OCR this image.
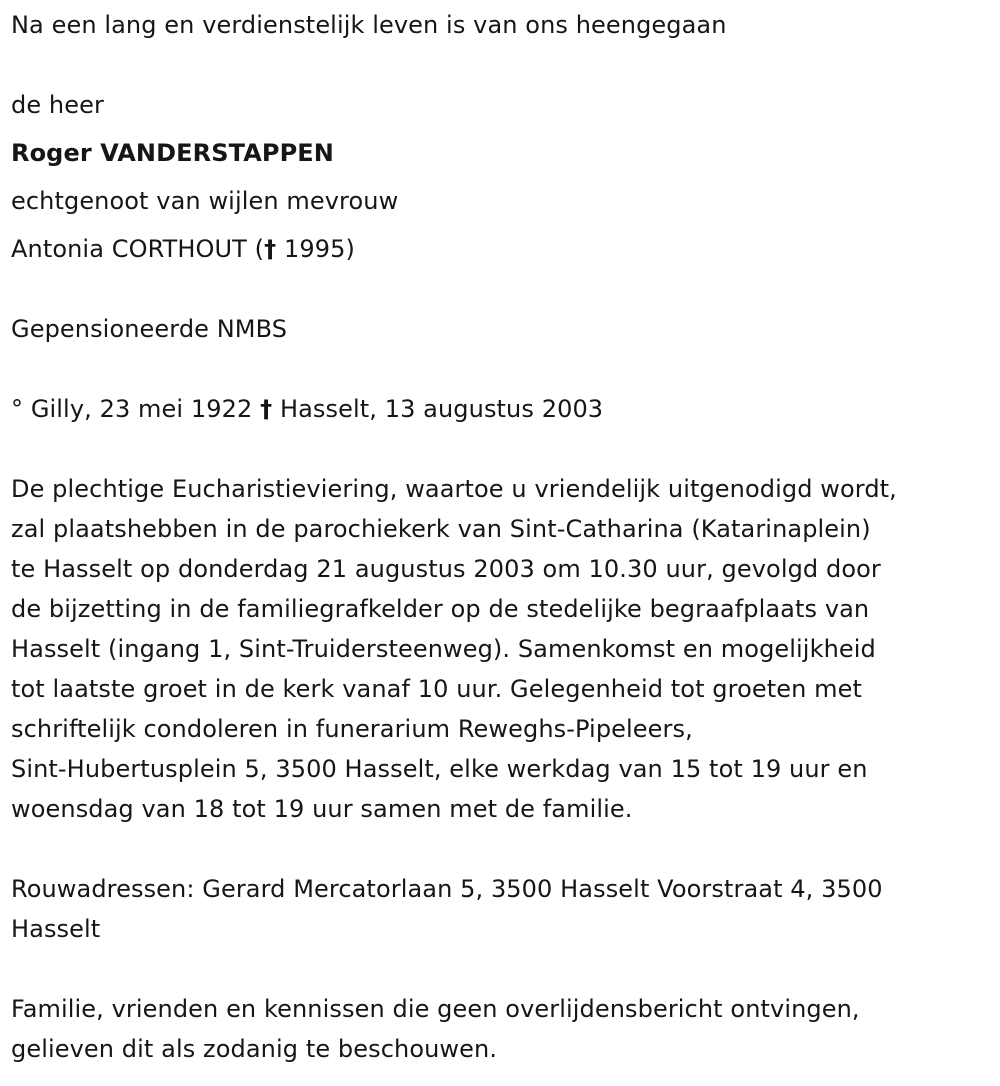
Na een lang en verdienstelijk leven is van ons heengegaan
de heer
Roger VANDERSTAPPEN
echtgenoot van wijlen mevrouw
Antonia CORTHOUT († 1995)
Gepensioneerde NMBS
° Gilly, 23 mei 1922 † Hasselt, 13 augustus 2003
De plechtige Eucharistieviering, waartoe u vriendelijk uitgenodigd wordt,
zal plaatshebben in de parochiekerk van Sint-Catharina (Katarinaplein)
te Hasselt op donderdag 21 augustus 2003 om 10.30 uur, gevolgd door
de bijzetting in de familiegrafkelder op de stedelijke begraafplaats van
Hasselt (ingang 1, Sint-Truidersteenweg). Samenkomst en mogelijkheid
tot laatste groet in de kerk vanaf 10 uur. Gelegenheid tot groeten met
schriftelijk condoleren in funerarium Reweghs-Pipeleers,
Sint-Hubertusplein 5, 3500 Hasselt, elke werkdag van 15 tot 19 uur en
woensdag van 18 tot 19 uur samen met de familie.
Rouwadressen: Gerard Mercatorlaan 5, 3500 Hasselt Voorstraat 4, 3500
Hasselt
Familie, vrienden en kennissen die geen overlijdensbericht ontvingen,
gelieven dit als zodanig te beschouwen.
